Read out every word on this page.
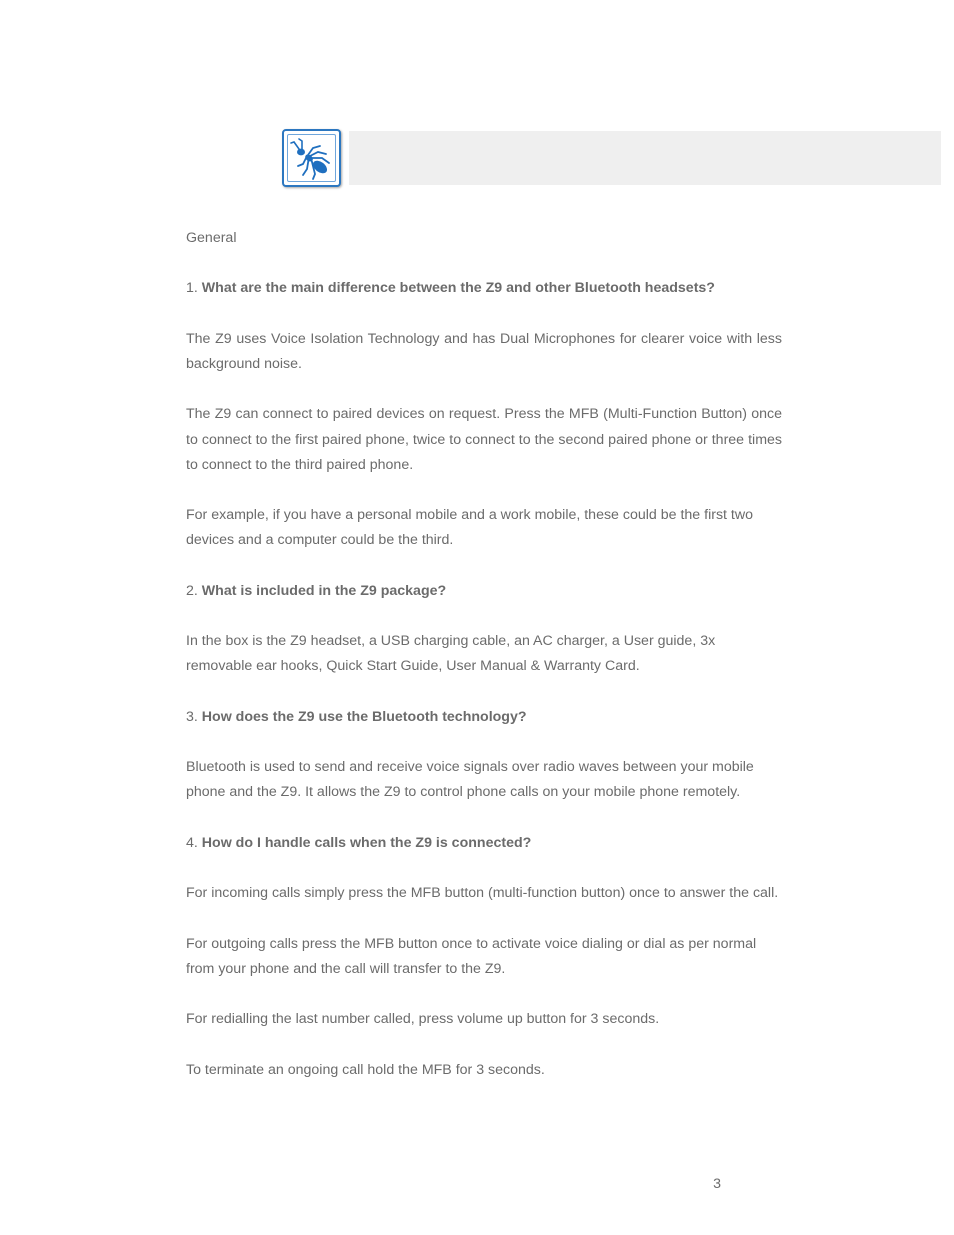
General

1. What are the main difference between the Z9 and other Bluetooth headsets?

The Z9 uses Voice Isolation Technology and has Dual Microphones for clearer voice with less background noise.

The Z9 can connect to paired devices on request. Press the MFB (Multi-Function Button) once to connect to the first paired phone, twice to connect to the second paired phone or three times to connect to the third paired phone.

For example, if you have a personal mobile and a work mobile, these could be the first two devices and a computer could be the third.

2. What is included in the Z9 package?

In the box is the Z9 headset, a USB charging cable, an AC charger, a User guide, 3x removable ear hooks, Quick Start Guide, User Manual & Warranty Card.

3. How does the Z9 use the Bluetooth technology?

Bluetooth is used to send and receive voice signals over radio waves between your mobile phone and the Z9. It allows the Z9 to control phone calls on your mobile phone remotely.

4. How do I handle calls when the Z9 is connected?

For incoming calls simply press the MFB button (multi-function button) once to answer the call.

For outgoing calls press the MFB button once to activate voice dialing or dial as per normal from your phone and the call will transfer to the Z9.

For redialling the last number called, press volume up button for 3 seconds.

To terminate an ongoing call hold the MFB for 3 seconds.

3
